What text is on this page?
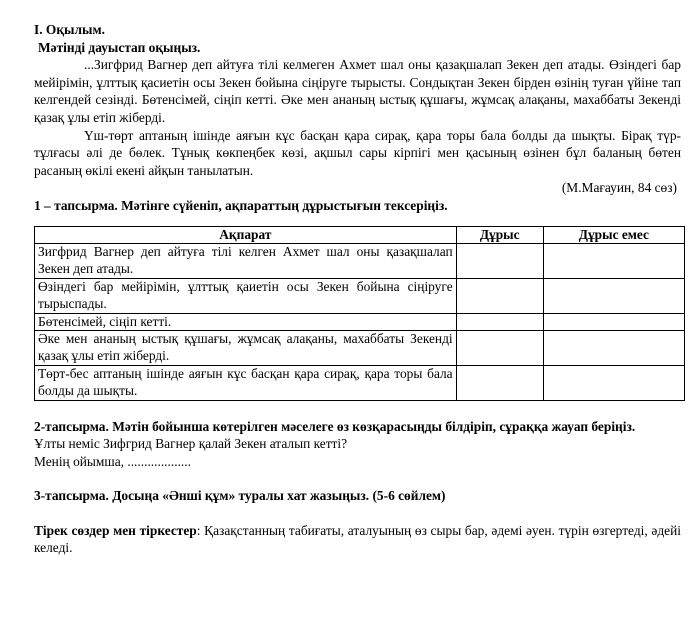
I. Оқылым.
Мәтінді дауыстап оқыңыз.
...Зигфрид Вагнер деп айтуға тілі келмеген Ахмет шал оны қазақшалап Зекен деп атады. Өзіндегі бар мейірімін, ұлттық қасиетін осы Зекен бойына сіңіруге тырысты. Сондықтан Зекен бірден өзінің туған үйіне тап келгендей сезінді. Бөтенсімей, сіңіп кетті. Әке мен ананың ыстық құшағы, жұмсақ алақаны, махаббаты Зекенді қазақ ұлы етіп жіберді.
Үш-төрт аптаның ішінде аяғын кұс басқан қара сирақ, қара торы бала болды да шықты. Бірақ түр-тұлғасы әлі де бөлек. Тұнық көкпеңбек көзі, ақшыл сары кірпігі мен қасының өзінен бұл баланың бөтен расаның өкілі екені айқын танылатын.
(М.Мағауин, 84 сөз)
1 – тапсырма. Мәтінге сүйеніп, ақпараттың дұрыстығын тексеріңіз.
Ақпарат	Дұрыс	Дұрыс емес
Зигфрид Вагнер деп айтуға тілі келген Ахмет шал оны қазақшалап Зекен деп атады.		
Өзіндегі бар мейірімін, ұлттық қаиетін осы Зекен бойына сіңіруге тырыспады.		
Бөтенсімей, сіңіп кетті.		
Әке мен ананың ыстық құшағы, жұмсақ алақаны, махаббаты Зекенді қазақ ұлы етіп жіберді.		
Төрт-бес аптаның ішінде аяғын кұс басқан қара сирақ, қара торы бала болды да шықты.		
2-тапсырма. Мәтін бойынша көтерілген мәселеге өз көзқарасыңды білдіріп, сұраққа жауап беріңіз.
Ұлты неміс Зифгрид Вагнер қалай Зекен аталып кетті?
Менің ойымша, ...................
3-тапсырма. Досыңа «Әнші құм» туралы хат жазыңыз. (5-6 сөйлем)
Тірек сөздер мен тіркестер: Қазақстанның табиғаты, аталуының өз сыры бар, әдемі әуен. түрін өзгертеді, әдейі келеді.
